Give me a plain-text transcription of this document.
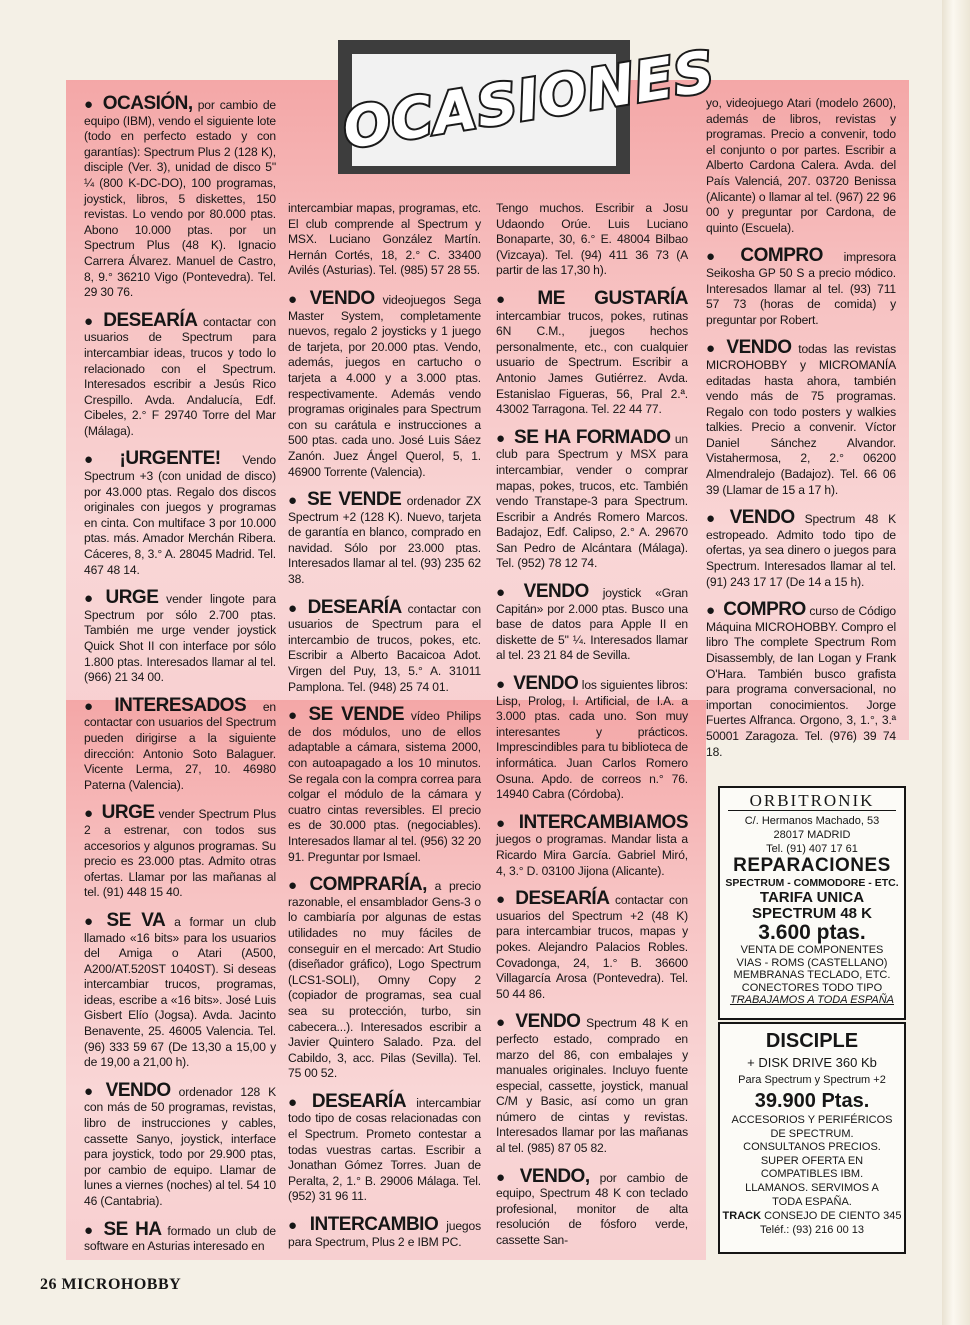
OCASIONES

● OCASIÓN, por cambio de equipo (IBM), vendo el siguiente lote (todo en perfecto estado y con garantías): Spectrum Plus 2 (128 K), disciple (Ver. 3), unidad de disco 5" ¼ (800 K-DC-DO), 100 programas, joystick, libros, 5 diskettes, 150 revistas. Lo vendo por 80.000 ptas. Abono 10.000 ptas. por un Spectrum Plus (48 K). Ignacio Carrera Álvarez. Manuel de Castro, 8, 9.° 36210 Vigo (Pontevedra). Tel. 29 30 76.

● DESEARÍA contactar con usuarios de Spectrum para intercambiar ideas, trucos y todo lo relacionado con el Spectrum. Interesados escribir a Jesús Rico Crespillo. Avda. Andalucía, Edf. Cibeles, 2.° F 29740 Torre del Mar (Málaga).

● ¡URGENTE! Vendo Spectrum +3 (con unidad de disco) por 43.000 ptas. Regalo dos discos originales con juegos y programas en cinta. Con multiface 3 por 10.000 ptas. más. Amador Merchán Ribera. Cáceres, 8, 3.° A. 28045 Madrid. Tel. 467 48 14.

● URGE vender lingote para Spectrum por sólo 2.700 ptas. También me urge vender joystick Quick Shot II con interface por sólo 1.800 ptas. Interesados llamar al tel. (966) 21 34 00.

● INTERESADOS en contactar con usuarios del Spectrum pueden dirigirse a la siguiente dirección: Antonio Soto Balaguer. Vicente Lerma, 27, 10. 46980 Paterna (Valencia).

● URGE vender Spectrum Plus 2 a estrenar, con todos sus accesorios y algunos programas. Su precio es 23.000 ptas. Admito otras ofertas. Llamar por las mañanas al tel. (91) 448 15 40.

● SE VA a formar un club llamado «16 bits» para los usuarios del Amiga o Atari (A500, A200/AT.520ST 1040ST). Si deseas intercambiar trucos, programas, ideas, escribe a «16 bits». José Luis Gisbert Elío (Jogsa). Avda. Jacinto Benavente, 25. 46005 Valencia. Tel. (96) 333 59 67 (De 13,30 a 15,00 y de 19,00 a 21,00 h).

● VENDO ordenador 128 K con más de 50 programas, revistas, libro de instrucciones y cables, cassette Sanyo, joystick, interface para joystick, todo por 29.900 ptas, por cambio de equipo. Llamar de lunes a viernes (noches) al tel. 54 10 46 (Cantabria).

● SE HA formado un club de software en Asturias interesado en

intercambiar mapas, programas, etc. El club comprende al Spectrum y MSX. Luciano González Martín. Hernán Cortés, 18, 2.° C. 33400 Avilés (Asturias). Tel. (985) 57 28 55.

● VENDO videojuegos Sega Master System, completamente nuevos, regalo 2 joysticks y 1 juego de tarjeta, por 20.000 ptas. Vendo, además, juegos en cartucho o tarjeta a 4.000 y a 3.000 ptas. respectivamente. Además vendo programas originales para Spectrum con su carátula e instrucciones a 500 ptas. cada uno. José Luis Sáez Zanón. Juez Ángel Querol, 5, 1. 46900 Torrente (Valencia).

● SE VENDE ordenador ZX Spectrum +2 (128 K). Nuevo, tarjeta de garantía en blanco, comprado en navidad. Sólo por 23.000 ptas. Interesados llamar al tel. (93) 235 62 38.

● DESEARÍA contactar con usuarios de Spectrum para el intercambio de trucos, pokes, etc. Escribir a Alberto Bacaicoa Adot. Virgen del Puy, 13, 5.° A. 31011 Pamplona. Tel. (948) 25 74 01.

● SE VENDE vídeo Philips de dos módulos, uno de ellos adaptable a cámara, sistema 2000, con autoapagado a los 10 minutos. Se regala con la compra correa para colgar el módulo de la cámara y cuatro cintas reversibles. El precio es de 30.000 ptas. (negociables). Interesados llamar al tel. (956) 32 20 91. Preguntar por Ismael.

● COMPRARÍA, a precio razonable, el ensamblador Gens-3 o lo cambiaría por algunas de estas utilidades no muy fáciles de conseguir en el mercado: Art Studio (diseñador gráfico), Logo Spectrum (LCS1-SOLI), Omny Copy 2 (copiador de programas, sea cual sea su protección, turbo, sin cabecera...). Interesados escribir a Javier Quintero Salado. Pza. del Cabildo, 3, acc. Pilas (Sevilla). Tel. 75 00 52.

● DESEARÍA intercambiar todo tipo de cosas relacionadas con el Spectrum. Prometo contestar a todas vuestras cartas. Escribir a Jonathan Gómez Torres. Juan de Peralta, 2, 1.° B. 29006 Málaga. Tel. (952) 31 96 11.

● INTERCAMBIO juegos para Spectrum, Plus 2 e IBM PC.

Tengo muchos. Escribir a Josu Udaondo Orúe. Luis Luciano Bonaparte, 30, 6.° E. 48004 Bilbao (Vizcaya). Tel. (94) 411 36 73 (A partir de las 17,30 h).

● ME GUSTARÍA intercambiar trucos, pokes, rutinas 6N C.M., juegos hechos personalmente, etc., con cualquier usuario de Spectrum. Escribir a Antonio James Gutiérrez. Avda. Estanislao Figueras, 56, Pral 2.ª. 43002 Tarragona. Tel. 22 44 77.

● SE HA FORMADO un club para Spectrum y MSX para intercambiar, vender o comprar mapas, pokes, trucos, etc. También vendo Transtape-3 para Spectrum. Escribir a Andrés Romero Marcos. Badajoz, Edf. Calipso, 2.° A. 29670 San Pedro de Alcántara (Málaga). Tel. (952) 78 12 74.

● VENDO joystick «Gran Capitán» por 2.000 ptas. Busco una base de datos para Apple II en diskette de 5" ¼. Interesados llamar al tel. 23 21 84 de Sevilla.

● VENDO los siguientes libros: Lisp, Prolog, I. Artificial, de I.A. a 3.000 ptas. cada uno. Son muy interesantes y prácticos. Imprescindibles para tu biblioteca de informática. Juan Carlos Romero Osuna. Apdo. de correos n.° 76. 14940 Cabra (Córdoba).

● INTERCAMBIAMOS juegos o programas. Mandar lista a Ricardo Mira García. Gabriel Miró, 4, 3.° D. 03100 Jijona (Alicante).

● DESEARÍA contactar con usuarios del Spectrum +2 (48 K) para intercambiar trucos, mapas y pokes. Alejandro Palacios Robles. Covadonga, 24, 1.° B. 36600 Villagarcía Arosa (Pontevedra). Tel. 50 44 86.

● VENDO Spectrum 48 K en perfecto estado, comprado en marzo del 86, con embalajes y manuales originales. Incluyo fuente especial, cassette, joystick, manual C/M y Basic, así como un gran número de cintas y revistas. Interesados llamar por las mañanas al tel. (985) 87 05 82.

● VENDO, por cambio de equipo, Spectrum 48 K con teclado profesional, monitor de alta resolución de fósforo verde, cassette San-

yo, videojuego Atari (modelo 2600), además de libros, revistas y programas. Precio a convenir, todo el conjunto o por partes. Escribir a Alberto Cardona Calera. Avda. del País Valenciá, 207. 03720 Benissa (Alicante) o llamar al tel. (967) 22 96 00 y preguntar por Cardona, de quinto (Escuela).

● COMPRO impresora Seikosha GP 50 S a precio módico. Interesados llamar al tel. (93) 711 57 73 (horas de comida) y preguntar por Robert.

● VENDO todas las revistas MICROHOBBY y MICROMANÍA editadas hasta ahora, también vendo más de 75 programas. Regalo con todo posters y walkies talkies. Precio a convenir. Víctor Daniel Sánchez Alvandor. Vistahermosa, 2, 2.° 06200 Almendralejo (Badajoz). Tel. 66 06 39 (Llamar de 15 a 17 h).

● VENDO Spectrum 48 K estropeado. Admito todo tipo de ofertas, ya sea dinero o juegos para Spectrum. Interesados llamar al tel. (91) 243 17 17 (De 14 a 15 h).

● COMPRO curso de Código Máquina MICROHOBBY. Compro el libro The complete Spectrum Rom Disassembly, de Ian Logan y Frank O'Hara. También busco grafista para programa conversacional, no importan conocimientos. Jorge Fuertes Alfranca. Orgono, 3, 1.°, 3.ª 50001 Zaragoza. Tel. (976) 39 74 18.

ORBITRONIK

C/. Hermanos Machado, 53

28017 MADRID

Tel. (91) 407 17 61

REPARACIONES

SPECTRUM - COMMODORE - ETC.

TARIFA UNICA

SPECTRUM 48 K

3.600 ptas.

VENTA DE COMPONENTES

VIAS - ROMS (CASTELLANO)

MEMBRANAS TECLADO, ETC.

CONECTORES TODO TIPO

TRABAJAMOS A TODA ESPAÑA

DISCIPLE

+ DISK DRIVE 360 Kb

Para Spectrum y Spectrum +2

39.900 Ptas.

ACCESORIOS Y PERIFÉRICOS

DE SPECTRUM.

CONSULTANOS PRECIOS.

SUPER OFERTA EN

COMPATIBLES IBM.

LLAMANOS. SERVIMOS A

TODA ESPAÑA.

TRACK CONSEJO DE CIENTO 345

Teléf.: (93) 216 00 13

26 MICROHOBBY
